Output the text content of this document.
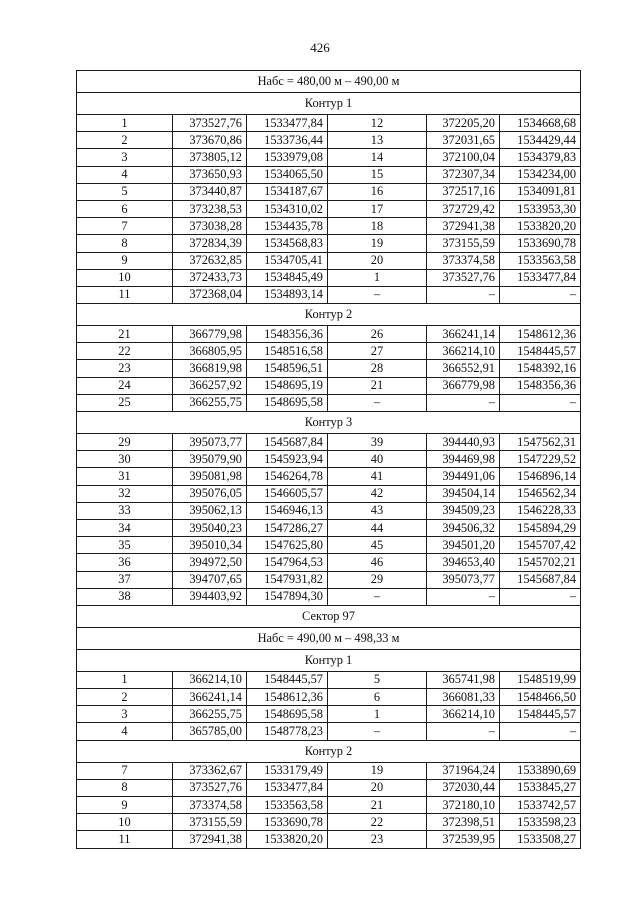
426
Набс = 480,00 м – 490,00 м					
Контур 1					
1	373527,76	1533477,84	12	372205,20	1534668,68
2	373670,86	1533736,44	13	372031,65	1534429,44
3	373805,12	1533979,08	14	372100,04	1534379,83
4	373650,93	1534065,50	15	372307,34	1534234,00
5	373440,87	1534187,67	16	372517,16	1534091,81
6	373238,53	1534310,02	17	372729,42	1533953,30
7	373038,28	1534435,78	18	372941,38	1533820,20
8	372834,39	1534568,83	19	373155,59	1533690,78
9	372632,85	1534705,41	20	373374,58	1533563,58
10	372433,73	1534845,49	1	373527,76	1533477,84
11	372368,04	1534893,14	–	–	–
Контур 2					
21	366779,98	1548356,36	26	366241,14	1548612,36
22	366805,95	1548516,58	27	366214,10	1548445,57
23	366819,98	1548596,51	28	366552,91	1548392,16
24	366257,92	1548695,19	21	366779,98	1548356,36
25	366255,75	1548695,58	–	–	–
Контур 3					
29	395073,77	1545687,84	39	394440,93	1547562,31
30	395079,90	1545923,94	40	394469,98	1547229,52
31	395081,98	1546264,78	41	394491,06	1546896,14
32	395076,05	1546605,57	42	394504,14	1546562,34
33	395062,13	1546946,13	43	394509,23	1546228,33
34	395040,23	1547286,27	44	394506,32	1545894,29
35	395010,34	1547625,80	45	394501,20	1545707,42
36	394972,50	1547964,53	46	394653,40	1545702,21
37	394707,65	1547931,82	29	395073,77	1545687,84
38	394403,92	1547894,30	–	–	–
Сектор 97					
Набс = 490,00 м – 498,33 м					
Контур 1					
1	366214,10	1548445,57	5	365741,98	1548519,99
2	366241,14	1548612,36	6	366081,33	1548466,50
3	366255,75	1548695,58	1	366214,10	1548445,57
4	365785,00	1548778,23	–	–	–
Контур 2					
7	373362,67	1533179,49	19	371964,24	1533890,69
8	373527,76	1533477,84	20	372030,44	1533845,27
9	373374,58	1533563,58	21	372180,10	1533742,57
10	373155,59	1533690,78	22	372398,51	1533598,23
11	372941,38	1533820,20	23	372539,95	1533508,27
